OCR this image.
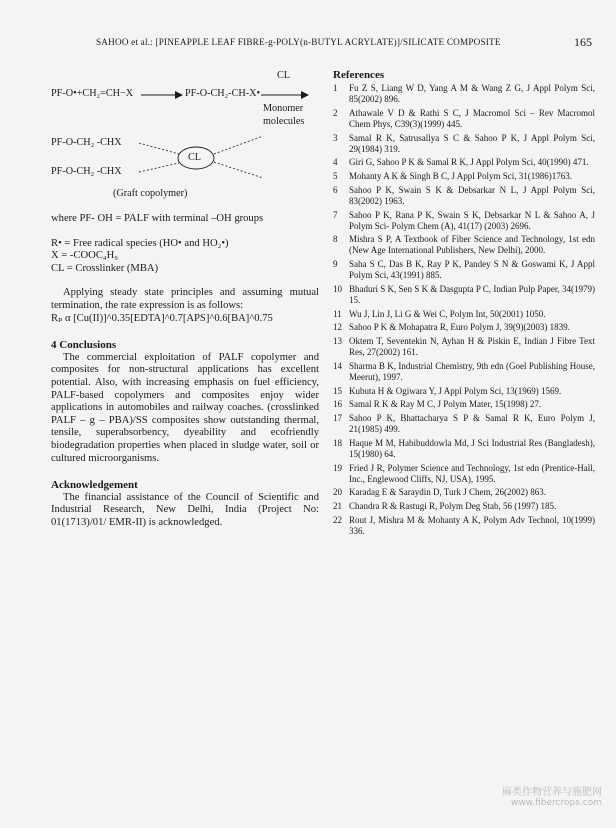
SAHOO et al.: [PINEAPPLE LEAF FIBRE-g-POLY(n-BUTYL ACRYLATE)]/SILICATE COMPOSITE	165
CL
PF-O•+CH₂=CH−X	PF-O-CH₂-CH-X•
Monomer
molecules
PF-O-CH₂ -CHX
CL
PF-O-CH₂ -CHX
(Graft copolymer)
where PF- OH = PALF with terminal –OH groups
R• = Free radical species (HO• and HO₂•)
X = -COOC₄H₉
CL = Crosslinker (MBA)

Applying steady state principles and assuming mutual termination, the rate expression is as follows:

Rₚ α [Cu(II)]^0.35[EDTA]^0.7[APS]^0.6[BA]^0.75
4 Conclusions

The commercial exploitation of PALF copolymer and composites for non-structural applications has excellent potential. Also, with increasing emphasis on fuel efficiency, PALF-based copolymers and composites enjoy wider applications in automobiles and railway coaches. (crosslinked PALF – g – PBA)/SS composites show outstanding thermal, tensile, superabsorbency, dyeability and ecofriendly biodegradation properties when placed in sludge water, soil or cultured microorganisms.

Acknowledgement

The financial assistance of the Council of Scientific and Industrial Research, New Delhi, India (Project No: 01(1713)/01/ EMR-II) is acknowledged.

References
1	Fu Z S, Liang W D, Yang A M & Wang Z G, J Appl Polym Sci, 85(2002) 896.
2	Athawale V D & Rathi S C, J Macromol Sci – Rev Macromol Chem Phys, C39(3)(1999) 445.
3	Samal R K, Satrusallya S C & Sahoo P K, J Appl Polym Sci, 29(1984) 319.
4	Giri G, Sahoo P K & Samal R K, J Appl Polym Sci, 40(1990) 471.
5	Mohanty A K & Singh B C, J Appl Polym Sci, 31(1986)1763.
6	Sahoo P K, Swain S K & Debsarkar N L, J Appl Polym Sci, 83(2002) 1963.
7	Sahoo P K, Rana P K, Swain S K, Debsarkar N L & Sahoo A, J Polym Sci- Polym Chem (A), 41(17) (2003) 2696.
8	Mishra S P, A Textbook of Fiber Science and Technology, 1st edn (New Age International Publishers, New Delhi), 2000.
9	Saha S C, Das B K, Ray P K, Pandey S N & Goswami K, J Appl Polym Sci, 43(1991) 885.
10 Bhaduri S K, Sen S K & Dasgupta P C, Indian Pulp Paper, 34(1979) 15.
11 Wu J, Lin J, Li G & Wei C, Polym Int, 50(2001) 1050.
12 Sahoo P K & Mohapatra R, Euro Polym J, 39(9)(2003) 1839.
13 Oktem T, Seventekin N, Ayhan H & Piskin E, Indian J Fibre Text Res, 27(2002) 161.
14 Sharma B K, Industrial Chemistry, 9th edn (Goel Publishing House, Meerut), 1997.
15 Kubuta H & Ogiwara Y, J Appl Polym Sci, 13(1969) 1569.
16 Samal R K & Ray M C, J Polym Mater, 15(1998) 27.
17 Sahoo P K, Bhattacharya S P & Samal R K, Euro Polym J, 21(1985) 499.
18 Haque M M, Habibuddowla Md, J Sci Industrial Res (Bangladesh), 15(1980) 64.
19 Fried J R, Polymer Science and Technology, 1st edn (Prentice-Hall, Inc., Englewood Cliffs, NJ, USA), 1995.
20 Karadag E & Saraydin D, Turk J Chem, 26(2002) 863.
21 Chandra R & Rastugi R, Polym Deg Stab, 56 (1997) 185.
22 Rout J, Mishra M & Mohanty A K, Polym Adv Technol, 10(1999) 336.
麻类作物营养与施肥网
www.fibercrops.com
